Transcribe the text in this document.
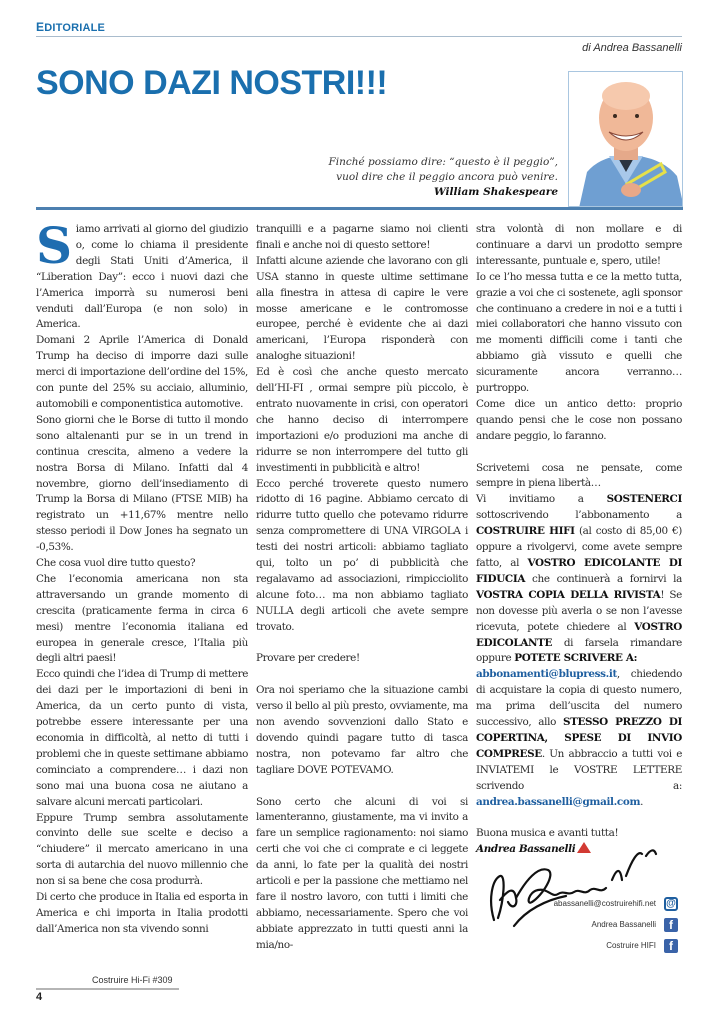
EDITORIALE
di Andrea Bassanelli
SONO DAZI NOSTRI!!!
Finché possiamo dire: “questo è il peggio”,
vuol dire che il peggio ancora può venire.
William Shakespeare

Siamo arrivati al giorno del giudizio o, come lo chiama il presidente degli Stati Uniti d’America, il “Liberation Day”: ecco i nuovi dazi che l’America imporrà su numerosi beni venduti dall’Europa (e non solo) in America.

Domani 2 Aprile l’America di Donald Trump ha deciso di imporre dazi sulle merci di importazione dell’ordine del 15%, con punte del 25% su acciaio, alluminio, automobili e componentistica automotive.

Sono giorni che le Borse di tutto il mondo sono altalenanti pur se in un trend in continua crescita, almeno a vedere la nostra Borsa di Milano. Infatti dal 4 novembre, giorno dell’insediamento di Trump la Borsa di Milano (FTSE MIB) ha registrato un +11,67% mentre nello stesso periodi il Dow Jones ha segnato un -0,53%.

Che cosa vuol dire tutto questo?

Che l’economia americana non sta attraversando un grande momento di crescita (praticamente ferma in circa 6 mesi) mentre l’economia italiana ed europea in generale cresce, l’Italia più degli altri paesi!

Ecco quindi che l’idea di Trump di mettere dei dazi per le importazioni di beni in America, da un certo punto di vista, potrebbe essere interessante per una economia in difficoltà, al netto di tutti i problemi che in queste settimane abbiamo cominciato a comprendere… i dazi non sono mai una buona cosa ne aiutano a salvare alcuni mercati particolari.

Eppure Trump sembra assolutamente convinto delle sue scelte e deciso a “chiudere” il mercato americano in una sorta di autarchia del nuovo millennio che non si sa bene che cosa produrrà.

Di certo che produce in Italia ed esporta in America e chi importa in Italia prodotti dall’America non sta vivendo sonni

tranquilli e a pagarne siamo noi clienti finali e anche noi di questo settore!

Infatti alcune aziende che lavorano con gli USA stanno in queste ultime settimane alla finestra in attesa di capire le vere mosse americane e le contromosse europee, perché è evidente che ai dazi americani, l’Europa risponderà con analoghe situazioni!

Ed è così che anche questo mercato dell’HI-FI , ormai sempre più piccolo, è entrato nuovamente in crisi, con operatori che hanno deciso di interrompere importazioni e/o produzioni ma anche di ridurre se non interrompere del tutto gli investimenti in pubblicità e altro!

Ecco perché troverete questo numero ridotto di 16 pagine. Abbiamo cercato di ridurre tutto quello che potevamo ridurre senza compromettere di UNA VIRGOLA i testi dei nostri articoli: abbiamo tagliato qui, tolto un po’ di pubblicità che regalavamo ad associazioni, rimpicciolito alcune foto… ma non abbiamo tagliato NULLA degli articoli che avete sempre trovato.

Provare per credere!

Ora noi speriamo che la situazione cambi verso il bello al più presto, ovviamente, ma non avendo sovvenzioni dallo Stato e dovendo quindi pagare tutto di tasca nostra, non potevamo far altro che tagliare DOVE POTEVAMO.

Sono certo che alcuni di voi si lamenteranno, giustamente, ma vi invito a fare un semplice ragionamento: noi siamo certi che voi che ci comprate e ci leggete da anni, lo fate per la qualità dei nostri articoli e per la passione che mettiamo nel fare il nostro lavoro, con tutti i limiti che abbiamo, necessariamente. Spero che voi abbiate apprezzato in tutti questi anni la mia/no-

stra volontà di non mollare e di continuare a darvi un prodotto sempre interessante, puntuale e, spero, utile!

Io ce l’ho messa tutta e ce la metto tutta, grazie a voi che ci sostenete, agli sponsor che continuano a credere in noi e a tutti i miei collaboratori che hanno vissuto con me momenti difficili come i tanti che abbiamo già vissuto e quelli che sicuramente ancora verranno… purtroppo.

Come dice un antico detto: proprio quando pensi che le cose non possano andare peggio, lo faranno.

Scrivetemi cosa ne pensate, come sempre in piena libertà…

Vi invitiamo a SOSTENERCI sottoscrivendo l’abbonamento a COSTRUIRE HIFI (al costo di 85,00 €) oppure a rivolgervi, come avete sempre fatto, al VOSTRO EDICOLANTE DI FIDUCIA che continuerà a fornirvi la VOSTRA COPIA DELLA RIVISTA! Se non dovesse più averla o se non l’avesse ricevuta, potete chiedere al VOSTRO EDICOLANTE di farsela rimandare oppure POTETE SCRIVERE A:

abbonamenti@blupress.it, chiedendo di acquistare la copia di questo numero, ma prima dell’uscita del numero successivo, allo STESSO PREZZO DI COPERTINA, SPESE DI INVIO COMPRESE. Un abbraccio a tutti voi e INVIATEMI le VOSTRE LETTERE scrivendo a: andrea.bassanelli@gmail.com.

Buona musica e avanti tutta!

Andrea Bassanelli

abassanelli@costruirehifi.net @
Andrea Bassanelli	f
Costruire HIFI	f
Costruire Hi-Fi #309
4
